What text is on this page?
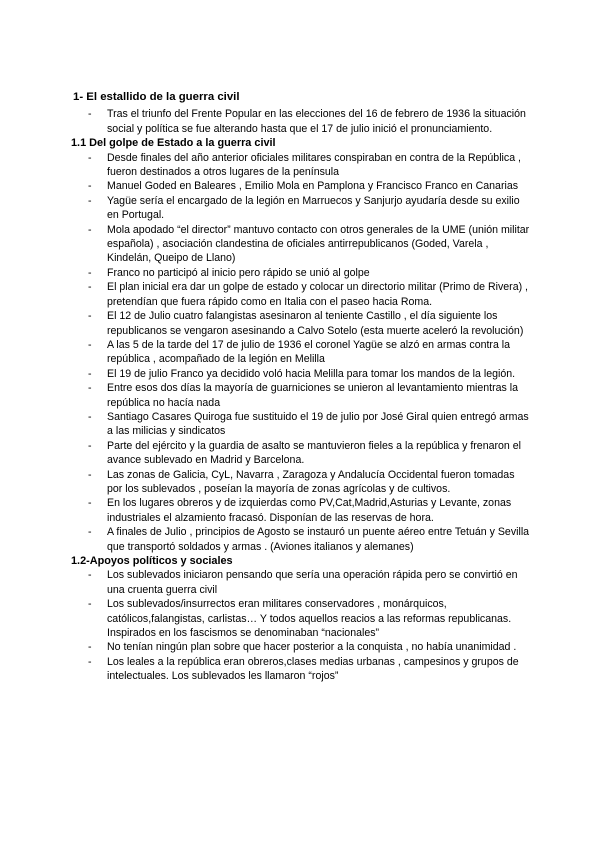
1- El estallido de la guerra civil
- Tras el triunfo del Frente Popular en las elecciones del 16 de febrero de 1936 la situación social y política se fue alterando hasta que el 17 de julio inició el pronunciamiento.
1.1 Del golpe de Estado a la guerra civil
- Desde finales del año anterior oficiales militares conspiraban en contra de la República , fueron destinados a otros lugares de la península
- Manuel Goded en Baleares , Emilio Mola en Pamplona y Francisco Franco en Canarias
- Yagüe sería el encargado de la legión en Marruecos y Sanjurjo ayudaría desde su exilio en Portugal.
- Mola apodado “el director” mantuvo contacto con otros generales de la UME (unión militar española) , asociación clandestina de oficiales antirrepublicanos (Goded, Varela , Kindelán, Queipo de Llano)
- Franco no participó al inicio pero rápido se unió al golpe
- El plan inicial era dar un golpe de estado y colocar un directorio militar (Primo de Rivera) , pretendían que fuera rápido como en Italia con el paseo hacia Roma.
- El 12 de Julio cuatro falangistas asesinaron al teniente Castillo , el día siguiente los republicanos se vengaron asesinando a Calvo Sotelo (esta muerte aceleró la revolución)
- A las 5 de la tarde del 17 de julio de 1936 el coronel Yagüe se alzó en armas contra la república , acompañado de la legión en Melilla
- El 19 de julio Franco ya decidido voló hacia Melilla para tomar los mandos de la legión.
- Entre esos dos días la mayoría de guarniciones se unieron al levantamiento mientras la república no hacía nada
- Santiago Casares Quiroga fue sustituido el 19 de julio por José Giral quien entregó armas a las milicias y sindicatos
- Parte del ejército y la guardia de asalto se mantuvieron fieles a la república y frenaron el avance sublevado en Madrid y Barcelona.
- Las zonas de Galicia, CyL, Navarra , Zaragoza y Andalucía Occidental fueron tomadas por los sublevados , poseían la mayoría de zonas agrícolas y de cultivos.
- En los lugares obreros y de izquierdas como PV,Cat,Madrid,Asturias y Levante, zonas industriales el alzamiento fracasó. Disponían de las reservas de hora.
- A finales de Julio , principios de Agosto se instauró un puente aéreo entre Tetuán y Sevilla que transportó soldados y armas . (Aviones italianos y alemanes)
1.2-Apoyos políticos y sociales
- Los sublevados iniciaron pensando que sería una operación rápida pero se convirtió en una cruenta guerra civil
- Los sublevados/insurrectos eran militares conservadores , monárquicos, católicos,falangistas, carlistas… Y todos aquellos reacios a las reformas republicanas. Inspirados en los fascismos se denominaban “nacionales”
- No tenían ningún plan sobre que hacer posterior a la conquista , no había unanimidad .
- Los leales a la república eran obreros,clases medias urbanas , campesinos y grupos de intelectuales. Los sublevados les llamaron “rojos”
